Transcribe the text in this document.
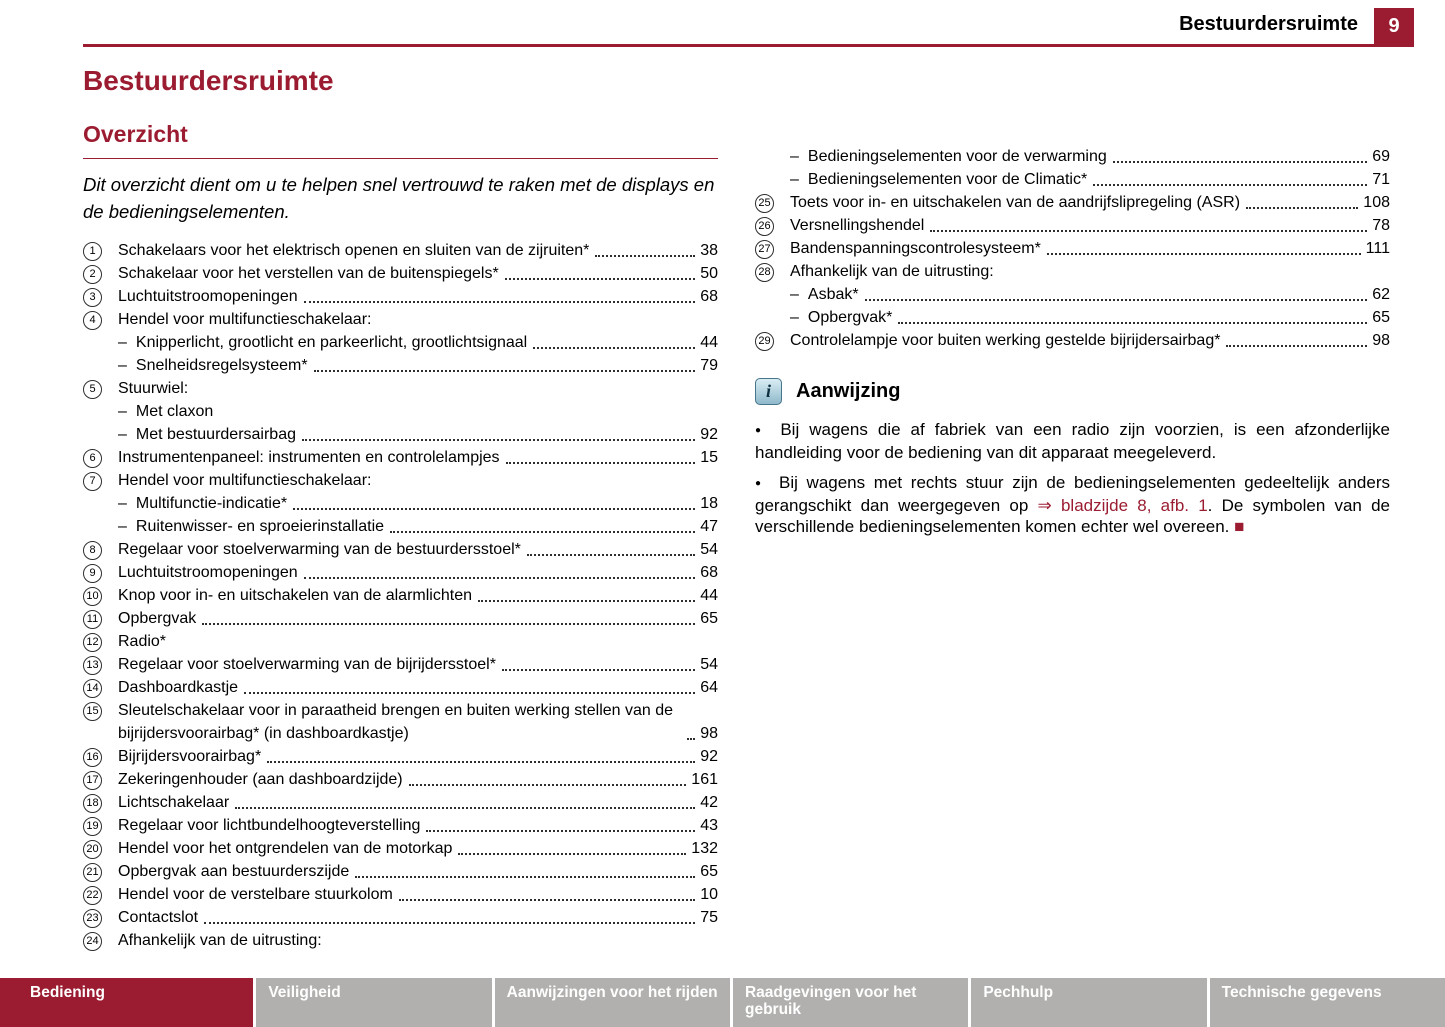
Bestuurdersruimte	9
Bestuurdersruimte
Overzicht

Dit overzicht dient om u te helpen snel vertrouwd te raken met de displays en de bedieningselementen.

1	Schakelaars voor het elektrisch openen en sluiten van de zijruiten*	38
2	Schakelaar voor het verstellen van de buitenspiegels*	50
3	Luchtuitstroomopeningen	68
4	Hendel voor multifunctieschakelaar:
– Knipperlicht, grootlicht en parkeerlicht, grootlichtsignaal	44
– Snelheidsregelsysteem*	79
5	Stuurwiel:
– Met claxon
– Met bestuurdersairbag	92
6	Instrumentenpaneel: instrumenten en controlelampjes	15
7	Hendel voor multifunctieschakelaar:
– Multifunctie-indicatie*	18
– Ruitenwisser- en sproeierinstallatie	47
8	Regelaar voor stoelverwarming van de bestuurdersstoel*	54
9	Luchtuitstroomopeningen	68
10 Knop voor in- en uitschakelen van de alarmlichten	44
11 Opbergvak	65
12 Radio*
13 Regelaar voor stoelverwarming van de bijrijdersstoel*	54
14 Dashboardkastje	64
15 Sleutelschakelaar voor in paraatheid brengen en buiten werking stellen van de bijrijdersvoorairbag* (in dashboardkastje)	98
16 Bijrijdersvoorairbag*	92
17 Zekeringenhouder (aan dashboardzijde)	161
18 Lichtschakelaar	42
19 Regelaar voor lichtbundelhoogteverstelling	43
20 Hendel voor het ontgrendelen van de motorkap	132
21 Opbergvak aan bestuurderszijde	65
22 Hendel voor de verstelbare stuurkolom	10
23 Contactslot	75
24 Afhankelijk van de uitrusting:
– Bedieningselementen voor de verwarming	69
– Bedieningselementen voor de Climatic*	71
25 Toets voor in- en uitschakelen van de aandrijfslipregeling (ASR)	108
26 Versnellingshendel	78
27 Bandenspanningscontrolesysteem*	111
28 Afhankelijk van de uitrusting:
– Asbak*	62
– Opbergvak*	65
29 Controlelampje voor buiten werking gestelde bijrijdersairbag*	98
i	Aanwijzing
● Bij wagens die af fabriek van een radio zijn voorzien, is een afzonderlijke handleiding voor de bediening van dit apparaat meegeleverd.
● Bij wagens met rechts stuur zijn de bedieningselementen gedeeltelijk anders gerangschikt dan weergegeven op ⇒ bladzijde 8, afb. 1. De symbolen van de verschillende bedieningselementen komen echter wel overeen. ■
Bediening	Veiligheid	Aanwijzingen voor het rijden	Raadgevingen voor het gebruik
Pechhulp	Technische gegevens
